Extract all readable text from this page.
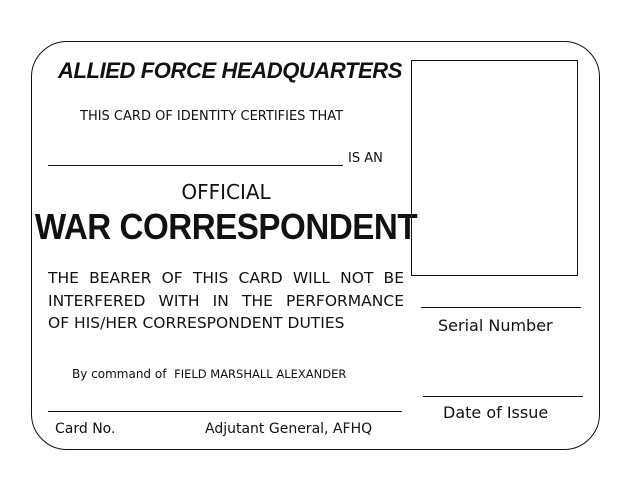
ALLIED FORCE HEADQUARTERS
THIS CARD OF IDENTITY CERTIFIES THAT
IS AN
OFFICIAL
WAR CORRESPONDENT
THE BEARER OF THIS CARD WILL NOT BE
INTERFERED WITH IN THE PERFORMANCE
OF HIS/HER CORRESPONDENT DUTIES
By command of FIELD MARSHALL ALEXANDER
Card No.	Adjutant General, AFHQ
Serial Number
Date of Issue
